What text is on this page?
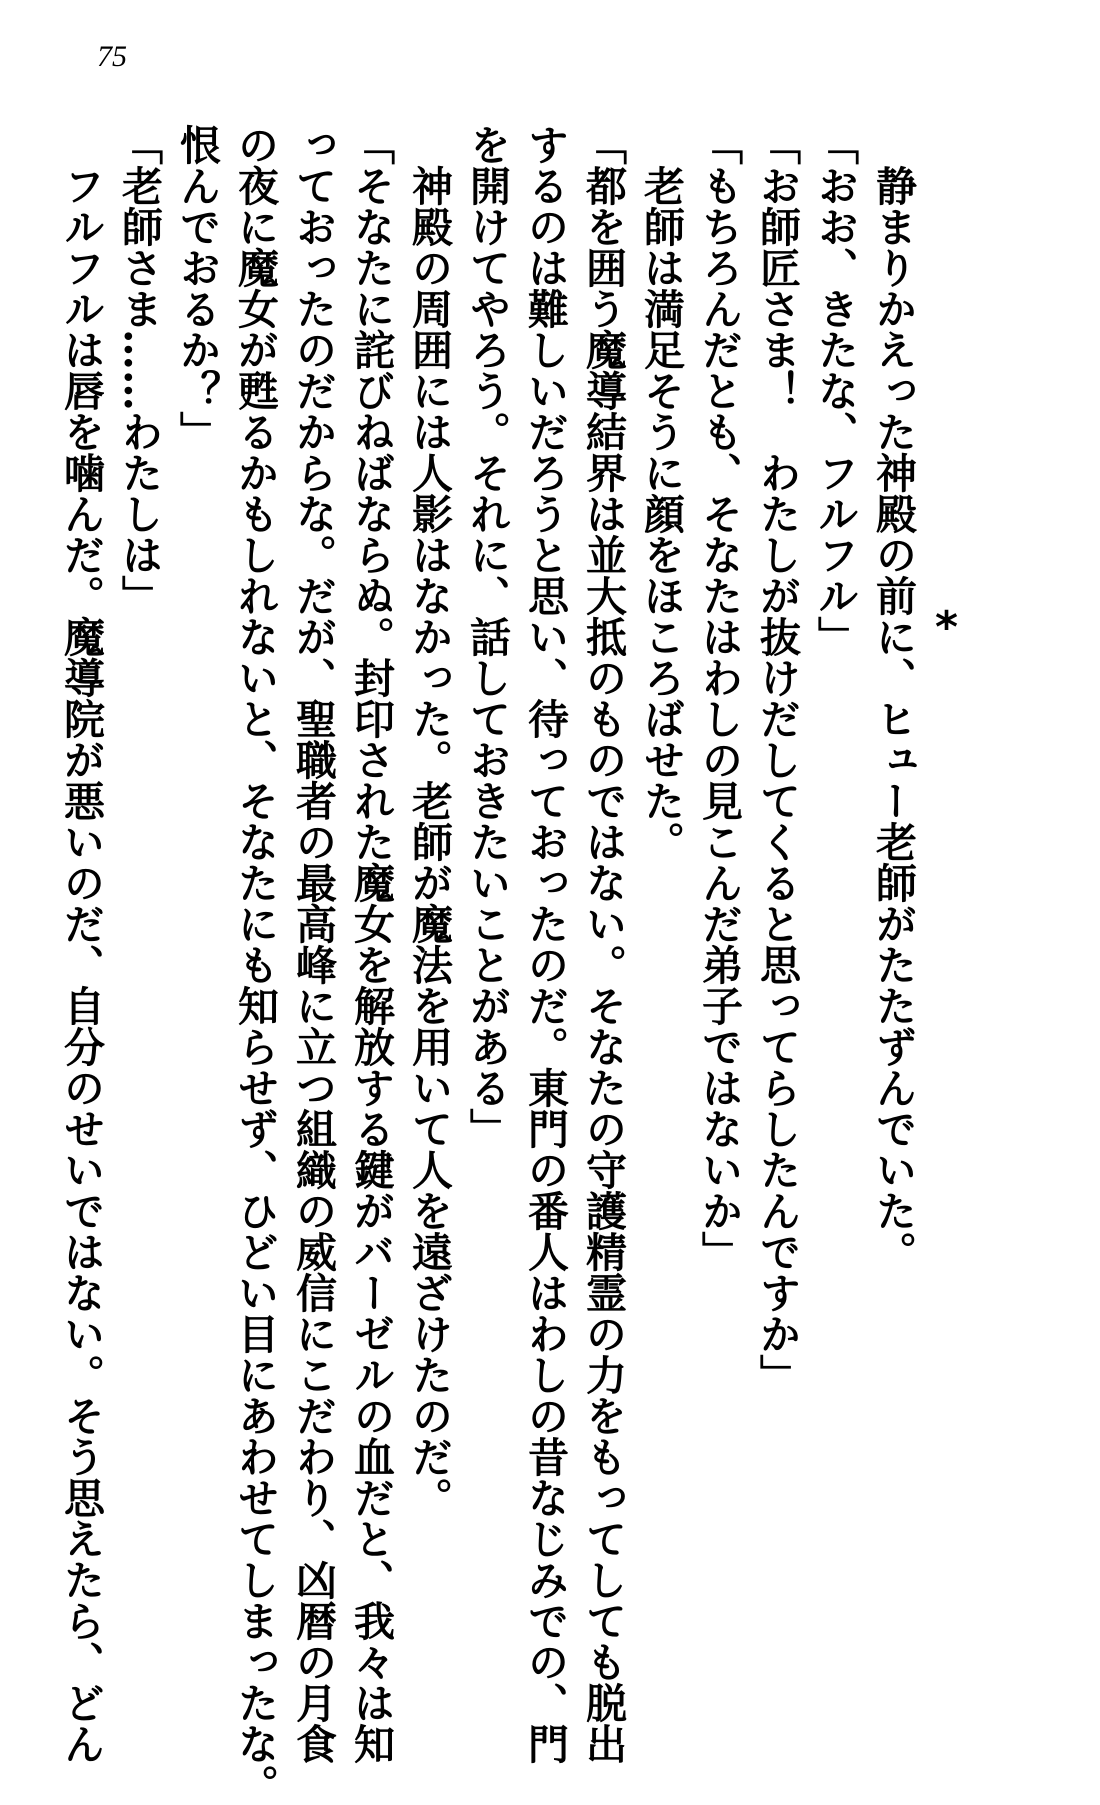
75
*
　静まりかえった神殿の前に、ヒュー老師がたたずんでいた。
「おお、きたな、フルフル」
「お師匠さま！　わたしが抜けだしてくると思ってらしたんですか」
「もちろんだとも、そなたはわしの見こんだ弟子ではないか」
　老師は満足そうに顔をほころばせた。
「都を囲う魔導結界は並大抵のものではない。そなたの守護精霊の力をもってしても脱出
するのは難しいだろうと思い、待っておったのだ。東門の番人はわしの昔なじみでの、門
を開けてやろう。それに、話しておきたいことがある」
　神殿の周囲には人影はなかった。老師が魔法を用いて人を遠ざけたのだ。
「そなたに詫びねばならぬ。封印された魔女を解放する鍵がバーゼルの血だと、我々は知
っておったのだからな。だが、聖職者の最高峰に立つ組織の威信にこだわり、凶暦の月食
の夜に魔女が甦るかもしれないと、そなたにも知らせず、ひどい目にあわせてしまったな。
恨んでおるか？」
「老師さま……わたしは」
　フルフルは唇を噛んだ。魔導院が悪いのだ、自分のせいではない。そう思えたら、どん
